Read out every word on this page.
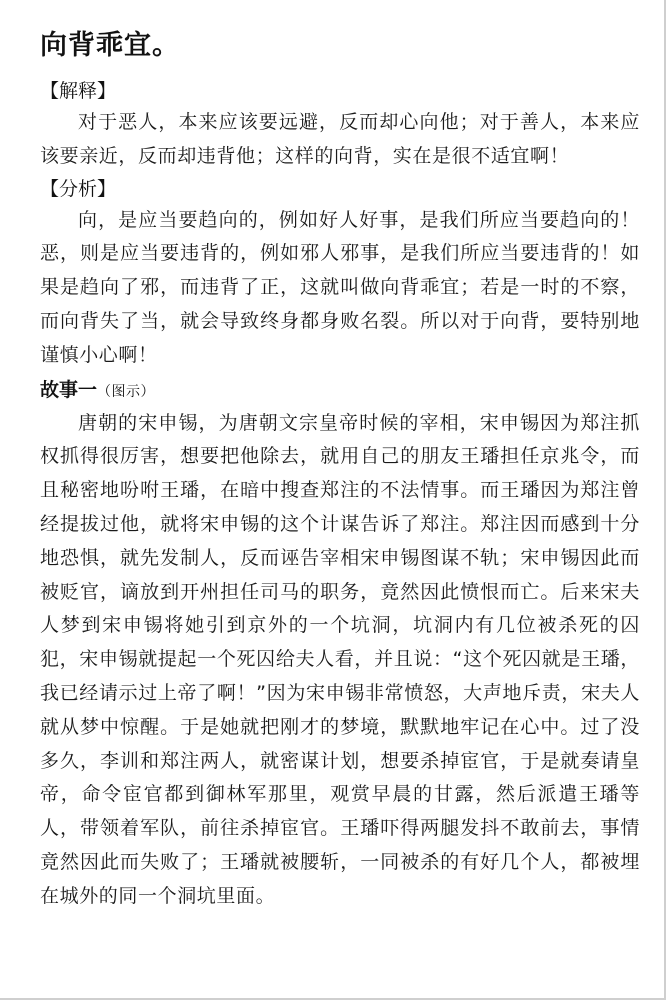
向背乖宜。

【解释】

对于恶人，本来应该要远避，反而却心向他；对于善人，本来应该要亲近，反而却违背他；这样的向背，实在是很不适宜啊！

【分析】

向，是应当要趋向的，例如好人好事，是我们所应当要趋向的！恶，则是应当要违背的，例如邪人邪事，是我们所应当要违背的！如果是趋向了邪，而违背了正，这就叫做向背乖宜；若是一时的不察，而向背失了当，就会导致终身都身败名裂。所以对于向背，要特别地谨慎小心啊！

故事一（图示）

唐朝的宋申锡，为唐朝文宗皇帝时候的宰相，宋申锡因为郑注抓权抓得很厉害，想要把他除去，就用自己的朋友王璠担任京兆令，而且秘密地吩咐王璠，在暗中搜查郑注的不法情事。而王璠因为郑注曾经提拔过他，就将宋申锡的这个计谋告诉了郑注。郑注因而感到十分地恐惧，就先发制人，反而诬告宰相宋申锡图谋不轨；宋申锡因此而被贬官，谪放到开州担任司马的职务，竟然因此愤恨而亡。后来宋夫人梦到宋申锡将她引到京外的一个坑洞，坑洞内有几位被杀死的囚犯，宋申锡就提起一个死囚给夫人看，并且说：“这个死囚就是王璠，我已经请示过上帝了啊！”因为宋申锡非常愤怒，大声地斥责，宋夫人就从梦中惊醒。于是她就把刚才的梦境，默默地牢记在心中。过了没多久，李训和郑注两人，就密谋计划，想要杀掉宦官，于是就奏请皇帝，命令宦官都到御林军那里，观赏早晨的甘露，然后派遣王璠等人，带领着军队，前往杀掉宦官。王璠吓得两腿发抖不敢前去，事情竟然因此而失败了；王璠就被腰斩，一同被杀的有好几个人，都被埋在城外的同一个洞坑里面。
